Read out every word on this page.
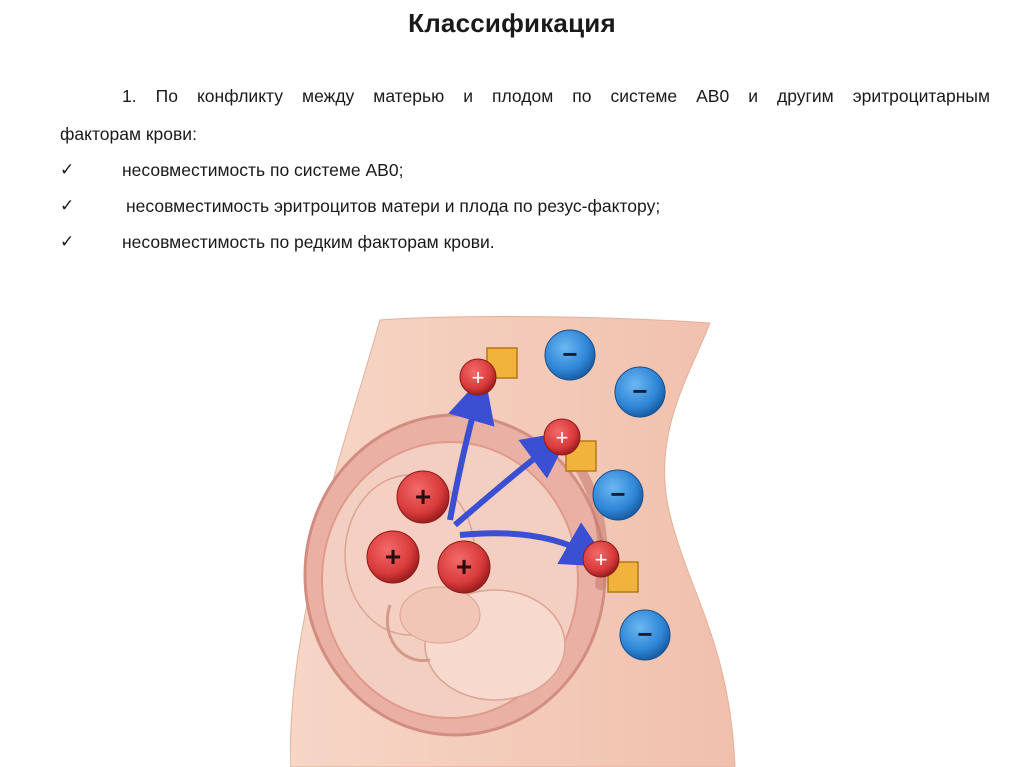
Классификация

1. По конфликту между матерью и плодом по системе АВ0 и другим эритроцитарным

факторам крови:
✓	несовместимость по системе АВ0;
✓	несовместимость эритроцитов матери и плода по резус-фактору;
✓	несовместимость по редким факторам крови.
+
+ +
+
+
+
−
−
−
−
